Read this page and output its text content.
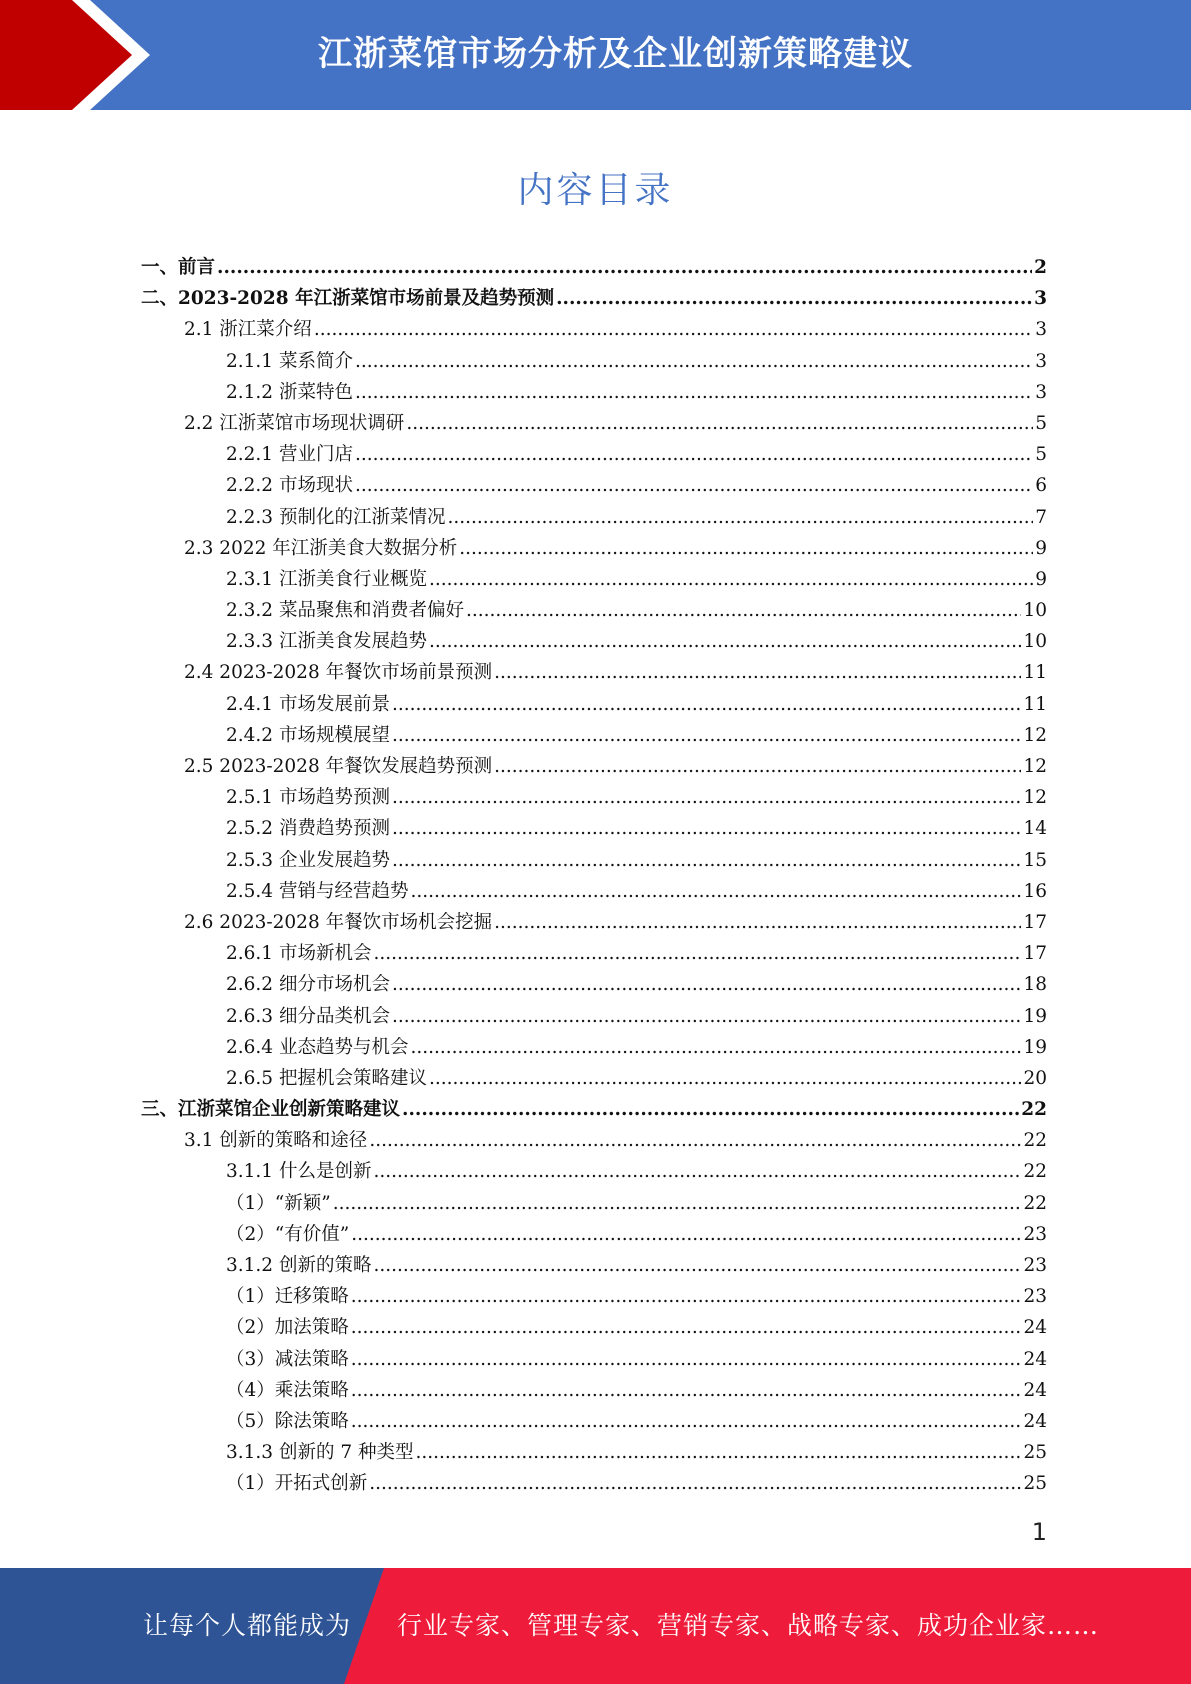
江浙菜馆市场分析及企业创新策略建议
内容目录
一、前言 .....	2
二、2023-2028 年江浙菜馆市场前景及趋势预测 .....	3
2.1 浙江菜介绍 .....	3
2.1.1 菜系简介 .....	3
2.1.2 浙菜特色 .....	3
2.2 江浙菜馆市场现状调研 .....	5
2.2.1 营业门店 .....	5
2.2.2 市场现状 .....	6
2.2.3 预制化的江浙菜情况 .....	7
2.3 2022 年江浙美食大数据分析 .....	9
2.3.1 江浙美食行业概览 .....	9
2.3.2 菜品聚焦和消费者偏好 .....	10
2.3.3 江浙美食发展趋势 .....	10
2.4 2023-2028 年餐饮市场前景预测 .....	11
2.4.1 市场发展前景 .....	11
2.4.2 市场规模展望 .....	12
2.5 2023-2028 年餐饮发展趋势预测 .....	12
2.5.1 市场趋势预测 .....	12
2.5.2 消费趋势预测 .....	14
2.5.3 企业发展趋势 .....	15
2.5.4 营销与经营趋势 .....	16
2.6 2023-2028 年餐饮市场机会挖掘 .....	17
2.6.1 市场新机会 .....	17
2.6.2 细分市场机会 .....	18
2.6.3 细分品类机会 .....	19
2.6.4 业态趋势与机会 .....	19
2.6.5 把握机会策略建议 .....	20
三、江浙菜馆企业创新策略建议 .....	22
3.1 创新的策略和途径 .....	22
3.1.1 什么是创新 .....	22
（1）“新颖” .....	22
（2）“有价值” .....	23
3.1.2 创新的策略 .....	23
（1）迁移策略 .....	23
（2）加法策略 .....	24
（3）减法策略 .....	24
（4）乘法策略 .....	24
（5）除法策略 .....	24
3.1.3 创新的 7 种类型 .....	25
（1）开拓式创新 .....	25
1
让每个人都能成为 行业专家、管理专家、营销专家、战略专家、成功企业家……
